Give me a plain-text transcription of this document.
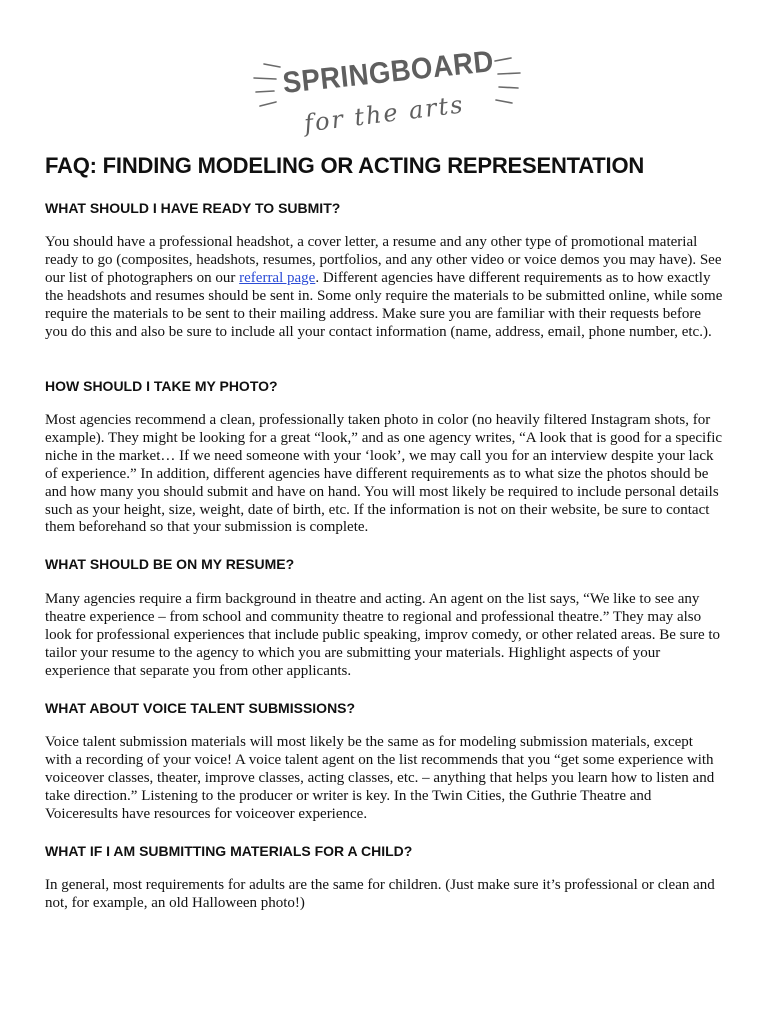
SPRINGBOARD
for the arts
FAQ: FINDING MODELING OR ACTING REPRESENTATION
WHAT SHOULD I HAVE READY TO SUBMIT?

You should have a professional headshot, a cover letter, a resume and any other type of promotional material ready to go (composites, headshots, resumes, portfolios, and any other video or voice demos you may have). See our list of photographers on our referral page. Different agencies have different requirements as to how exactly the headshots and resumes should be sent in. Some only require the materials to be submitted online, while some require the materials to be sent to their mailing address. Make sure you are familiar with their requests before you do this and also be sure to include all your contact information (name, address, email, phone number, etc.).

HOW SHOULD I TAKE MY PHOTO?

Most agencies recommend a clean, professionally taken photo in color (no heavily filtered Instagram shots, for example). They might be looking for a great “look,” and as one agency writes, “A look that is good for a specific niche in the market… If we need someone with your ‘look’, we may call you for an interview despite your lack of experience.” In addition, different agencies have different requirements as to what size the photos should be and how many you should submit and have on hand. You will most likely be required to include personal details such as your height, size, weight, date of birth, etc. If the information is not on their website, be sure to contact them beforehand so that your submission is complete.

WHAT SHOULD BE ON MY RESUME?

Many agencies require a firm background in theatre and acting. An agent on the list says, “We like to see any theatre experience – from school and community theatre to regional and professional theatre.” They may also look for professional experiences that include public speaking, improv comedy, or other related areas. Be sure to tailor your resume to the agency to which you are submitting your materials. Highlight aspects of your experience that separate you from other applicants.

WHAT ABOUT VOICE TALENT SUBMISSIONS?

Voice talent submission materials will most likely be the same as for modeling submission materials, except with a recording of your voice! A voice talent agent on the list recommends that you “get some experience with voiceover classes, theater, improve classes, acting classes, etc. – anything that helps you learn how to listen and take direction.” Listening to the producer or writer is key. In the Twin Cities, the Guthrie Theatre and Voiceresults have resources for voiceover experience.

WHAT IF I AM SUBMITTING MATERIALS FOR A CHILD?

In general, most requirements for adults are the same for children. (Just make sure it’s professional or clean and not, for example, an old Halloween photo!)
